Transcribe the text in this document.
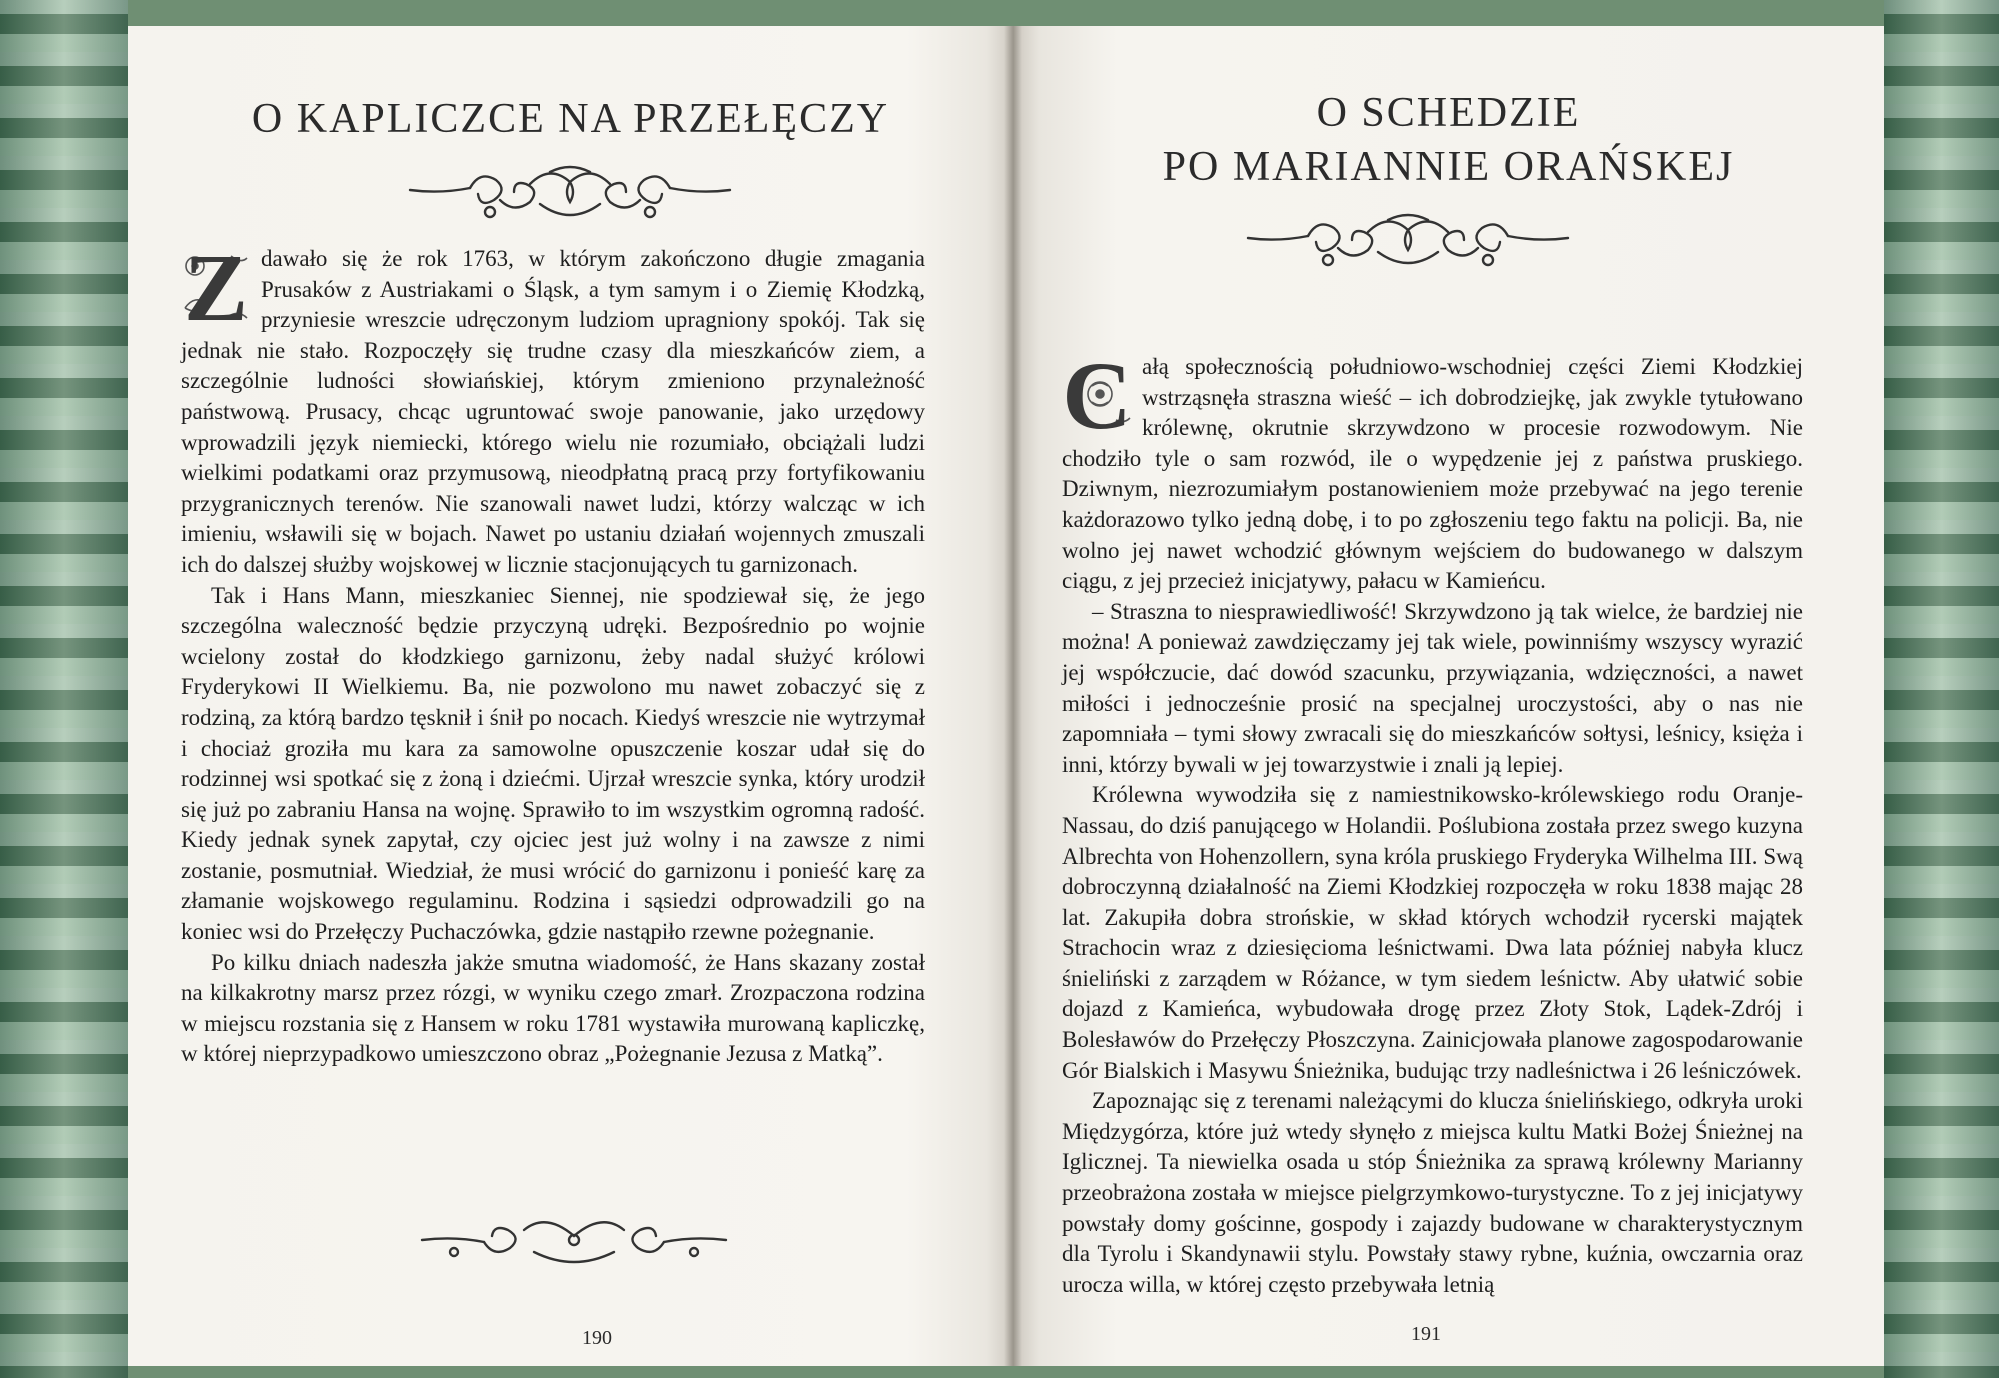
O KAPLICZCE NA PRZEŁĘCZY

Z dawało się że rok 1763, w którym zakończono długie zmagania Prusaków z Austriakami o Śląsk, a tym samym i o Ziemię Kłodzką, przyniesie wreszcie udręczonym ludziom upragniony spokój. Tak się jednak nie stało. Rozpoczęły się trudne czasy dla mieszkańców ziem, a szczególnie ludności słowiańskiej, którym zmieniono przynależność państwową. Prusacy, chcąc ugruntować swoje panowanie, jako urzędowy wprowadzili język niemiecki, którego wielu nie rozumiało, obciążali ludzi wielkimi podatkami oraz przymusową, nieodpłatną pracą przy fortyfikowaniu przygranicznych terenów. Nie szanowali nawet ludzi, którzy walcząc w ich imieniu, wsławili się w bojach. Nawet po ustaniu działań wojennych zmuszali ich do dalszej służby wojskowej w licznie stacjonujących tu garnizonach.

Tak i Hans Mann, mieszkaniec Siennej, nie spodziewał się, że jego szczególna waleczność będzie przyczyną udręki. Bezpośrednio po wojnie wcielony został do kłodzkiego garnizonu, żeby nadal służyć królowi Fryderykowi II Wielkiemu. Ba, nie pozwolono mu nawet zobaczyć się z rodziną, za którą bardzo tęsknił i śnił po nocach. Kiedyś wreszcie nie wytrzymał i chociaż groziła mu kara za samowolne opuszczenie koszar udał się do rodzinnej wsi spotkać się z żoną i dziećmi. Ujrzał wreszcie synka, który urodził się już po zabraniu Hansa na wojnę. Sprawiło to im wszystkim ogromną radość. Kiedy jednak synek zapytał, czy ojciec jest już wolny i na zawsze z nimi zostanie, posmutniał. Wiedział, że musi wrócić do garnizonu i ponieść karę za złamanie wojskowego regulaminu. Rodzina i sąsiedzi odprowadzili go na koniec wsi do Przełęczy Puchaczówka, gdzie nastąpiło rzewne pożegnanie.

Po kilku dniach nadeszła jakże smutna wiadomość, że Hans skazany został na kilkakrotny marsz przez rózgi, w wyniku czego zmarł. Zrozpaczona rodzina w miejscu rozstania się z Hansem w roku 1781 wystawiła murowaną kapliczkę, w której nieprzypadkowo umieszczono obraz „Pożegnanie Jezusa z Matką”.

190
O SCHEDZIE
PO MARIANNIE ORAŃSKEJ

C ałą społecznością południowo-wschodniej części Ziemi Kłodzkiej wstrząsnęła straszna wieść – ich dobrodziejkę, jak zwykle tytułowano królewnę, okrutnie skrzywdzono w procesie rozwodowym. Nie chodziło tyle o sam rozwód, ile o wypędzenie jej z państwa pruskiego. Dziwnym, niezrozumiałym postanowieniem może przebywać na jego terenie każdorazowo tylko jedną dobę, i to po zgłoszeniu tego faktu na policji. Ba, nie wolno jej nawet wchodzić głównym wejściem do budowanego w dalszym ciągu, z jej przecież inicjatywy, pałacu w Kamieńcu.

– Straszna to niesprawiedliwość! Skrzywdzono ją tak wielce, że bardziej nie można! A ponieważ zawdzięczamy jej tak wiele, powinniśmy wszyscy wyrazić jej współczucie, dać dowód szacunku, przywiązania, wdzięczności, a nawet miłości i jednocześnie prosić na specjalnej uroczystości, aby o nas nie zapomniała – tymi słowy zwracali się do mieszkańców sołtysi, leśnicy, księża i inni, którzy bywali w jej towarzystwie i znali ją lepiej.

Królewna wywodziła się z namiestnikowsko-królewskiego rodu Oranje-Nassau, do dziś panującego w Holandii. Poślubiona została przez swego kuzyna Albrechta von Hohenzollern, syna króla pruskiego Fryderyka Wilhelma III. Swą dobroczynną działalność na Ziemi Kłodzkiej rozpoczęła w roku 1838 mając 28 lat. Zakupiła dobra strońskie, w skład których wchodził rycerski majątek Strachocin wraz z dziesięcioma leśnictwami. Dwa lata później nabyła klucz śnieliński z zarządem w Różance, w tym siedem leśnictw. Aby ułatwić sobie dojazd z Kamieńca, wybudowała drogę przez Złoty Stok, Lądek-Zdrój i Bolesławów do Przełęczy Płoszczyna. Zainicjowała planowe zagospodarowanie Gór Bialskich i Masywu Śnieżnika, budując trzy nadleśnictwa i 26 leśniczówek.

Zapoznając się z terenami należącymi do klucza śnielińskiego, odkryła uroki Międzygórza, które już wtedy słynęło z miejsca kultu Matki Bożej Śnieżnej na Iglicznej. Ta niewielka osada u stóp Śnieżnika za sprawą królewny Marianny przeobrażona została w miejsce pielgrzymkowo-turystyczne. To z jej inicjatywy powstały domy gościnne, gospody i zajazdy budowane w charakterystycznym dla Tyrolu i Skandynawii stylu. Powstały stawy rybne, kuźnia, owczarnia oraz urocza willa, w której często przebywała letnią

191
